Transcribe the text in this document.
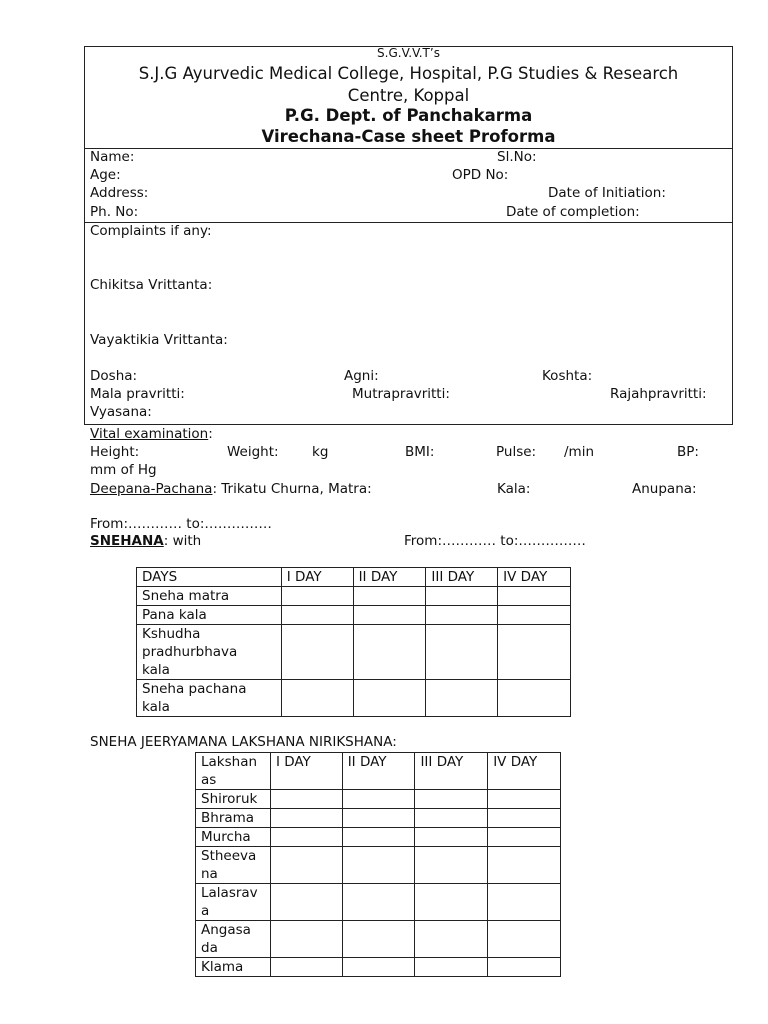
S.G.V.V.T’s
S.J.G Ayurvedic Medical College, Hospital, P.G Studies & Research
Centre, Koppal
P.G. Dept. of Panchakarma
Virechana-Case sheet Proforma
Name:	Sl.No:
Age:	OPD No:
Address:	Date of Initiation:
Ph. No:	Date of completion:
Complaints if any:
Chikitsa Vrittanta:
Vayaktikia Vrittanta:
Dosha:	Agni:	Koshta:
Mala pravritti:	Mutrapravritti:	Rajahpravritti:
Vyasana:
Vital examination:
Height:	Weight: kg	BMI:	Pulse: /min	BP:
mm of Hg
Deepana-Pachana: Trikatu Churna, Matra:	Kala:	Anupana:
From:………… to:……………
SNEHANA: with	From:………… to:……………
DAYS	I DAY	II DAY	III DAY	IV DAY
Sneha matra				
Pana kala				
Kshudha
pradhurbhava
kala				
Sneha pachana
kala				
SNEHA JEERYAMANA LAKSHANA NIRIKSHANA:
Lakshan
as	I DAY	II DAY	III DAY	IV DAY
Shiroruk				
Bhrama				
Murcha				
Stheeva
na				
Lalasrav
a				
Angasa
da				
Klama				
